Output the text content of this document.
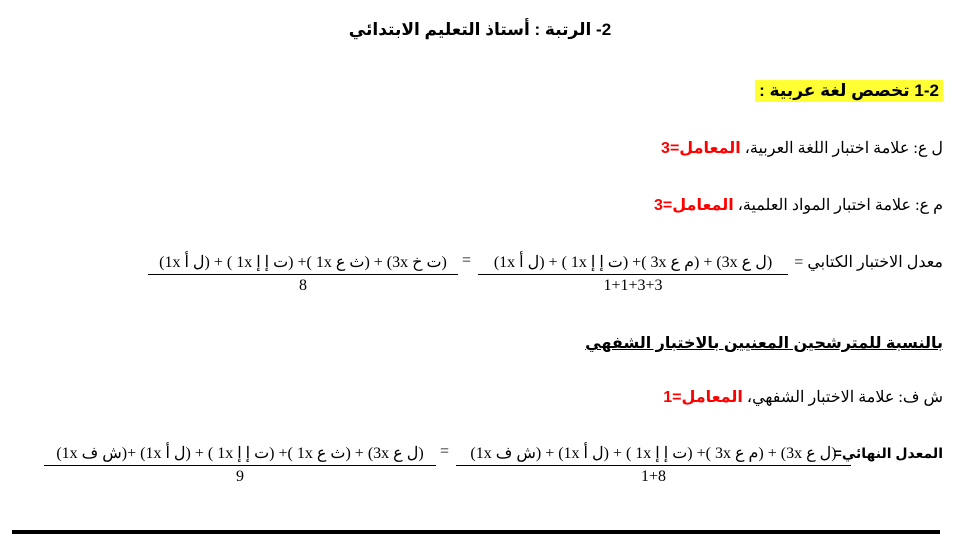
2- الرتبة : أستاذ التعليم الابتدائي
1-2 تخصص لغة عربية :
ل ع: علامة اختبار اللغة العربية، المعامل=3
م ع: علامة اختبار المواد العلمية، المعامل=3
معدل الاختبار الكتابي =
(ل ع 3x) + (م ع 3x )+ (ت إ إ 1x ) + (ل أ 1x)
1+1+3+3
=
(ت خ 3x) + (ث ع 1x )+ (ت إ إ 1x ) + (ل أ 1x)
8
بالنسبة للمترشحين المعنيين بالاختبار الشفهي
ش ف: علامة الاختبار الشفهي، المعامل=1
المعدل النهائي=
(ل ع 3x) + (م ع 3x )+ (ت إ إ 1x ) + (ل أ 1x) + (ش ف 1x)
1+8
=
(ل ع 3x) + (ث ع 1x )+ (ت إ إ 1x ) + (ل أ 1x) +(ش ف 1x)
9
